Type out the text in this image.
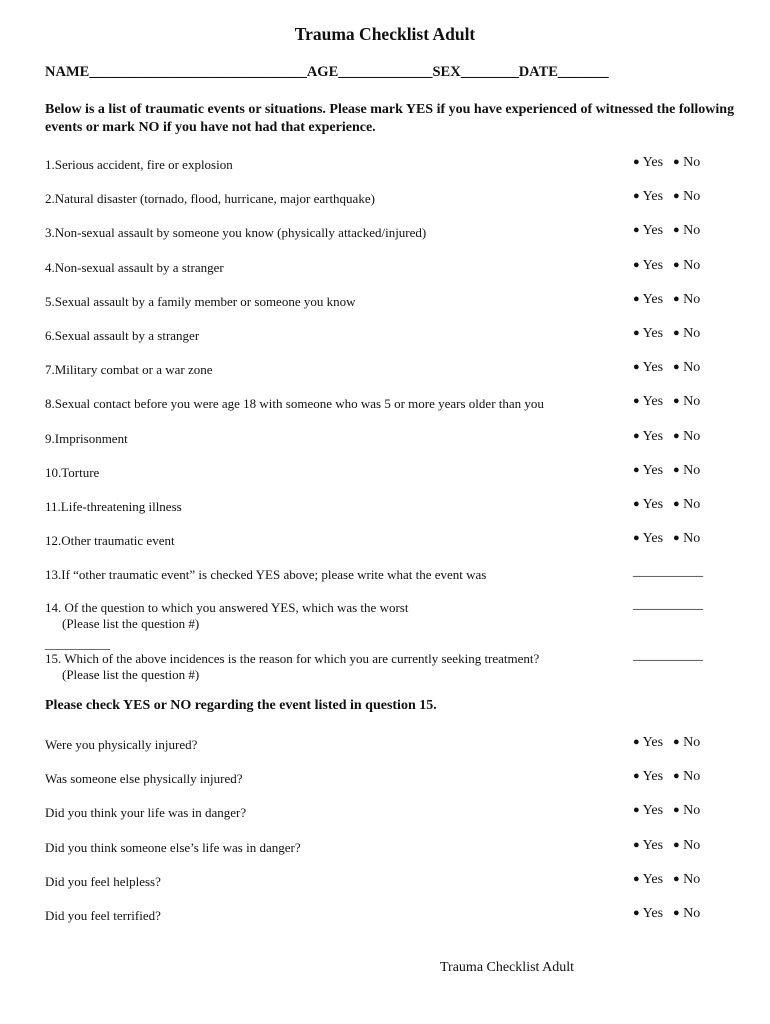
Trauma Checklist Adult
NAME______________________________AGE_____________SEX________DATE_______
Below is a list of traumatic events or situations. Please mark YES if you have experienced of witnessed the following events or mark NO if you have not had that experience.
1.Serious accident, fire or explosion	● Yes ● No
2.Natural disaster (tornado, flood, hurricane, major earthquake)	● Yes ● No
3.Non-sexual assault by someone you know (physically attacked/injured)	● Yes ● No
4.Non-sexual assault by a stranger	● Yes ● No
5.Sexual assault by a family member or someone you know	● Yes ● No
6.Sexual assault by a stranger	● Yes ● No
7.Military combat or a war zone	● Yes ● No
8.Sexual contact before you were age 18 with someone who was 5 or more years older than you	● Yes ● No
9.Imprisonment	● Yes ● No
10.Torture	● Yes ● No
11.Life-threatening illness	● Yes ● No
12.Other traumatic event	● Yes ● No
13.If “other traumatic event” is checked YES above; please write what the event was	__________
14. Of the question to which you answered YES, which was the worst
(Please list the question #)
__________
__________
15. Which of the above incidences is the reason for which you are currently seeking treatment?
(Please list the question #)
__________
Please check YES or NO regarding the event listed in question 15.
Were you physically injured?	● Yes ● No
Was someone else physically injured?	● Yes ● No
Did you think your life was in danger?	● Yes ● No
Did you think someone else’s life was in danger?	● Yes ● No
Did you feel helpless?	● Yes ● No
Did you feel terrified?	● Yes ● No
Trauma Checklist Adult
